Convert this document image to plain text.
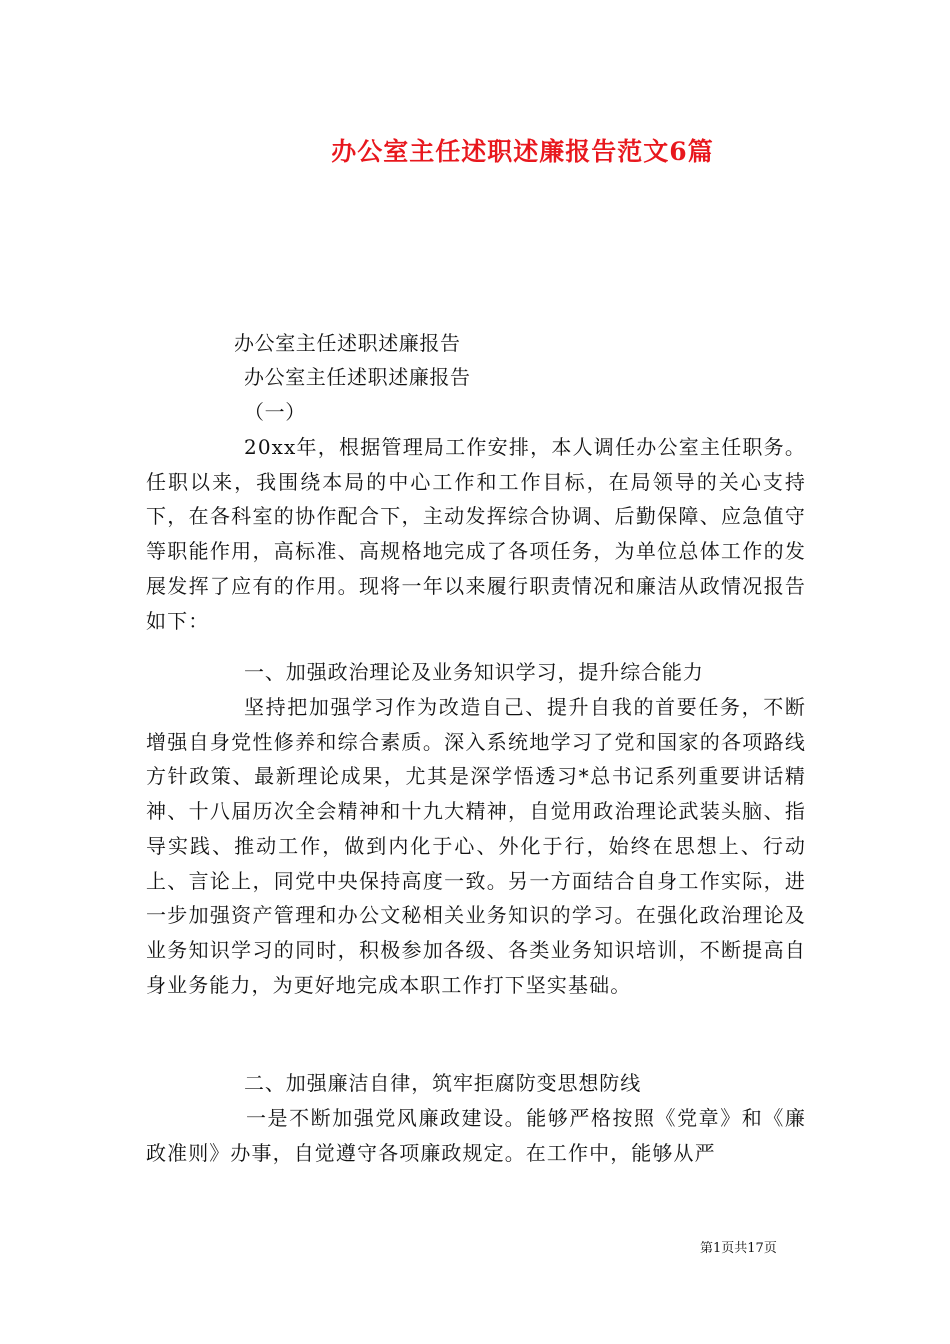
办公室主任述职述廉报告范文6篇
办公室主任述职述廉报告
办公室主任述职述廉报告
（一）

20xx年，根据管理局工作安排，本人调任办公室主任职务。任职以来，我围绕本局的中心工作和工作目标，在局领导的关心支持下，在各科室的协作配合下，主动发挥综合协调、后勤保障、应急值守等职能作用，高标准、高规格地完成了各项任务，为单位总体工作的发展发挥了应有的作用。现将一年以来履行职责情况和廉洁从政情况报告如下：

一、加强政治理论及业务知识学习，提升综合能力

坚持把加强学习作为改造自己、提升自我的首要任务，不断增强自身党性修养和综合素质。深入系统地学习了党和国家的各项路线方针政策、最新理论成果，尤其是深学悟透习*总书记系列重要讲话精神、十八届历次全会精神和十九大精神，自觉用政治理论武装头脑、指导实践、推动工作，做到内化于心、外化于行，始终在思想上、行动上、言论上，同党中央保持高度一致。另一方面结合自身工作实际，进一步加强资产管理和办公文秘相关业务知识的学习。在强化政治理论及业务知识学习的同时，积极参加各级、各类业务知识培训，不断提高自身业务能力，为更好地完成本职工作打下坚实基础。

二、加强廉洁自律，筑牢拒腐防变思想防线

一是不断加强党风廉政建设。能够严格按照《党章》和《廉政准则》办事，自觉遵守各项廉政规定。在工作中，能够从严

第1页共17页
